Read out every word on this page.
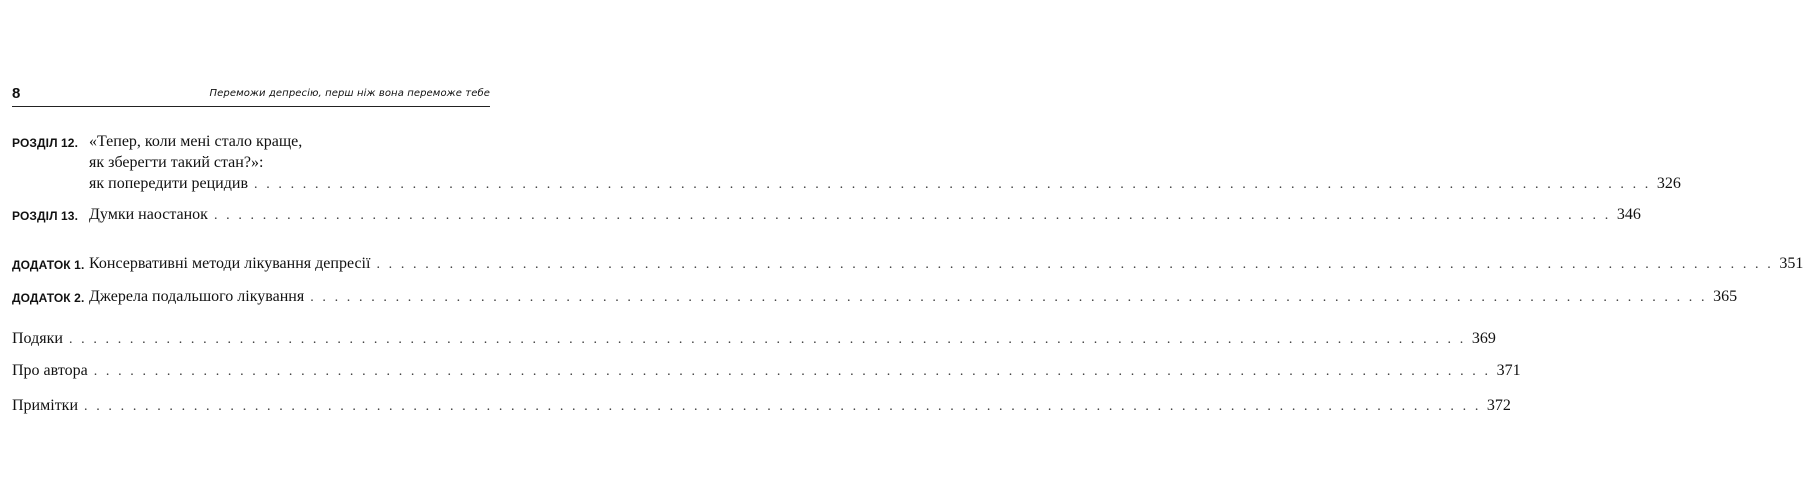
8	Переможи депресію, перш ніж вона переможе тебе
РОЗДІЛ 12. «Тепер, коли мені стало краще,
як зберегти такий стан?»:
як попередити рецидив . . . . . . . . . . . . . . . . . . . . . . . . . . . . . . . . . . . . . . . . . . . . . . . . . . . . . . . . . . . . . . . . . . . . . . . . . . . . . . . . . . . . . . . . . . . . . . . . . . . . . . . . . . . . . . . . . . . 326
РОЗДІЛ 13. Думки наостанок . . . . . . . . . . . . . . . . . . . . . . . . . . . . . . . . . . . . . . . . . . . . . . . . . . . . . . . . . . . . . . . . . . . . . . . . . . . . . . . . . . . . . . . . . . . . . . . . . . . . . . . . . . . . . . . . . . . 346
ДОДАТОК 1. Консервативні методи лікування депресії . . . . . . . . . . . . . . . . . . . . . . . . . . . . . . . . . . . . . . . . . . . . . . . . . . . . . . . . . . . . . . . . . . . . . . . . . . . . . . . . . . . . . . . . . . . . . . . . . . . . . . . . . . . . . . . . . . . 351
ДОДАТОК 2. Джерела подальшого лікування . . . . . . . . . . . . . . . . . . . . . . . . . . . . . . . . . . . . . . . . . . . . . . . . . . . . . . . . . . . . . . . . . . . . . . . . . . . . . . . . . . . . . . . . . . . . . . . . . . . . . . . . . . . . . . . . . . . 365
Подяки . . . . . . . . . . . . . . . . . . . . . . . . . . . . . . . . . . . . . . . . . . . . . . . . . . . . . . . . . . . . . . . . . . . . . . . . . . . . . . . . . . . . . . . . . . . . . . . . . . . . . . . . . . . . . . . . . . . 369
Про автора . . . . . . . . . . . . . . . . . . . . . . . . . . . . . . . . . . . . . . . . . . . . . . . . . . . . . . . . . . . . . . . . . . . . . . . . . . . . . . . . . . . . . . . . . . . . . . . . . . . . . . . . . . . . . . . . . . . 371
Примітки . . . . . . . . . . . . . . . . . . . . . . . . . . . . . . . . . . . . . . . . . . . . . . . . . . . . . . . . . . . . . . . . . . . . . . . . . . . . . . . . . . . . . . . . . . . . . . . . . . . . . . . . . . . . . . . . . . . 372
